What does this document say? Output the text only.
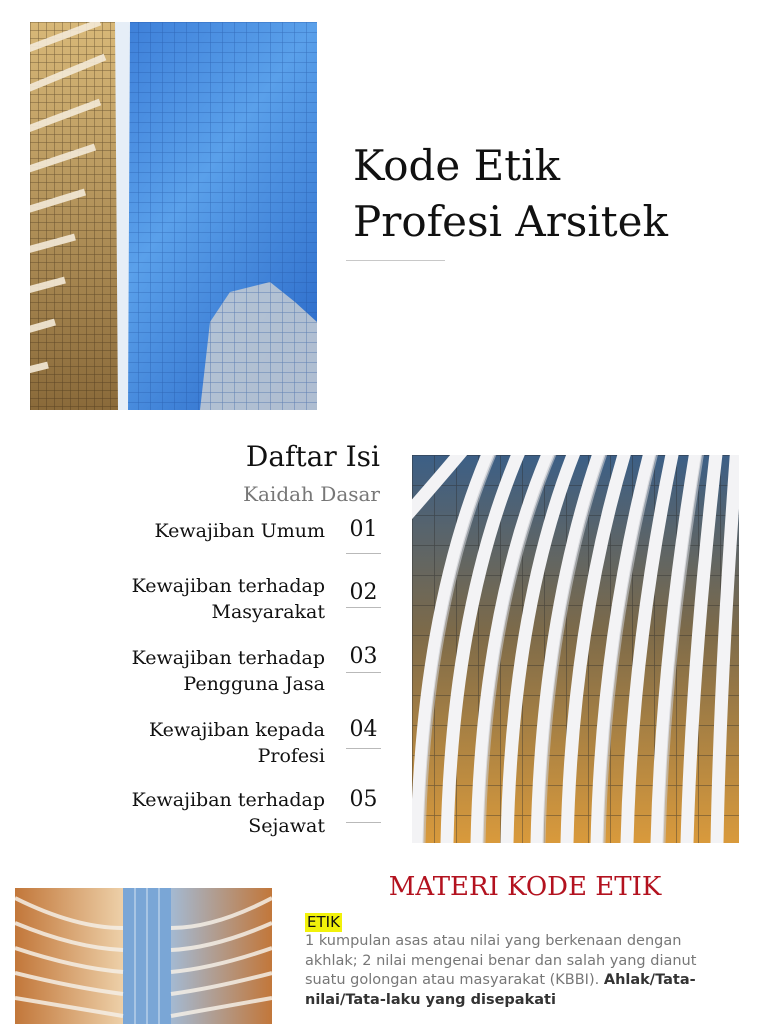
Kode Etik
Profesi Arsitek
Daftar Isi
Kaidah Dasar
Kewajiban Umum 01
Kewajiban terhadap
Masyarakat
02
Kewajiban terhadap
Pengguna Jasa
03
Kewajiban kepada
Profesi
04
Kewajiban terhadap
Sejawat
05
MATERI KODE ETIK
ETIK
1 kumpulan asas atau nilai yang berkenaan dengan akhlak; 2 nilai mengenai benar dan salah yang dianut suatu golongan atau masyarakat (KBBI). Ahlak/Tata-nilai/Tata-laku yang disepakati
